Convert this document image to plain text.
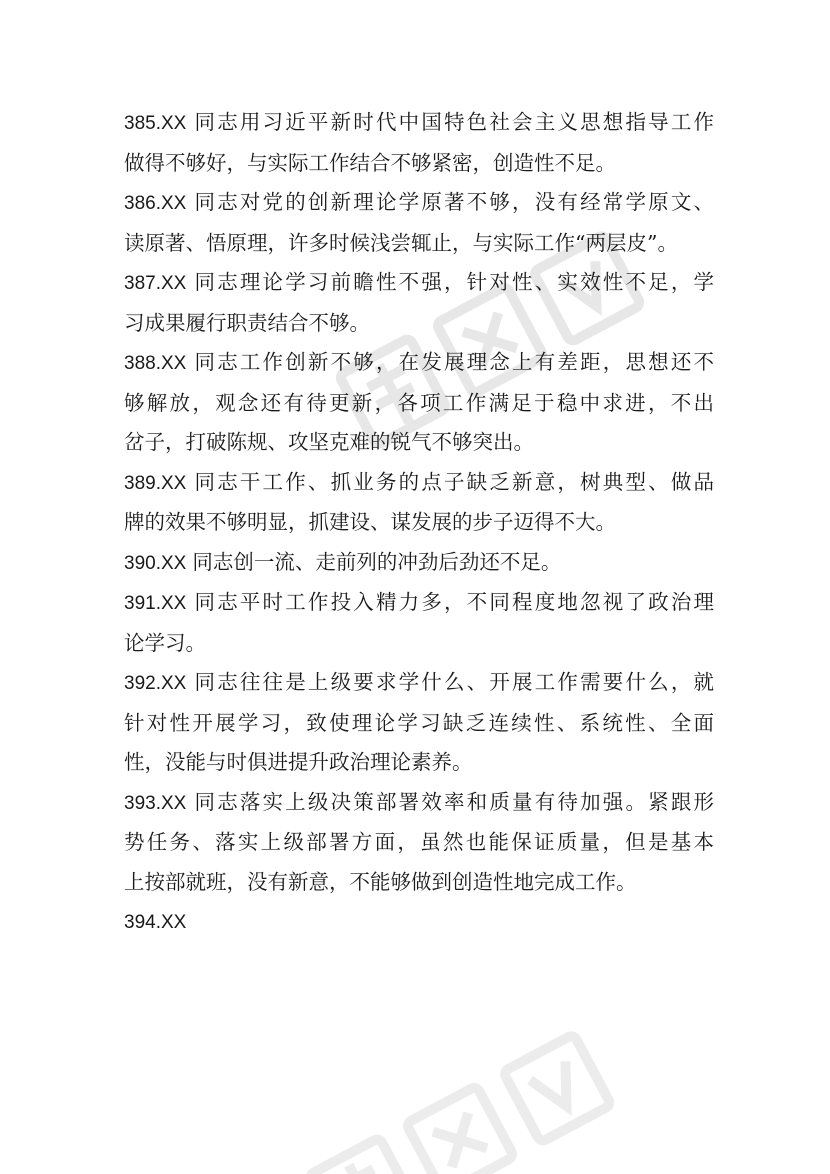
385.XX 同志用习近平新时代中国特色社会主义思想指导工作
做得不够好，与实际工作结合不够紧密，创造性不足。
386.XX 同志对党的创新理论学原著不够，没有经常学原文、
读原著、悟原理，许多时候浅尝辄止，与实际工作“两层皮”。
387.XX 同志理论学习前瞻性不强，针对性、实效性不足，学
习成果履行职责结合不够。
388.XX 同志工作创新不够，在发展理念上有差距，思想还不
够解放，观念还有待更新，各项工作满足于稳中求进，不出
岔子，打破陈规、攻坚克难的锐气不够突出。
389.XX 同志干工作、抓业务的点子缺乏新意，树典型、做品
牌的效果不够明显，抓建设、谋发展的步子迈得不大。
390.XX 同志创一流、走前列的冲劲后劲还不足。
391.XX 同志平时工作投入精力多，不同程度地忽视了政治理
论学习。
392.XX 同志往往是上级要求学什么、开展工作需要什么，就
针对性开展学习，致使理论学习缺乏连续性、系统性、全面
性，没能与时俱进提升政治理论素养。
393.XX 同志落实上级决策部署效率和质量有待加强。紧跟形
势任务、落实上级部署方面，虽然也能保证质量，但是基本
上按部就班，没有新意，不能够做到创造性地完成工作。
394.XX
